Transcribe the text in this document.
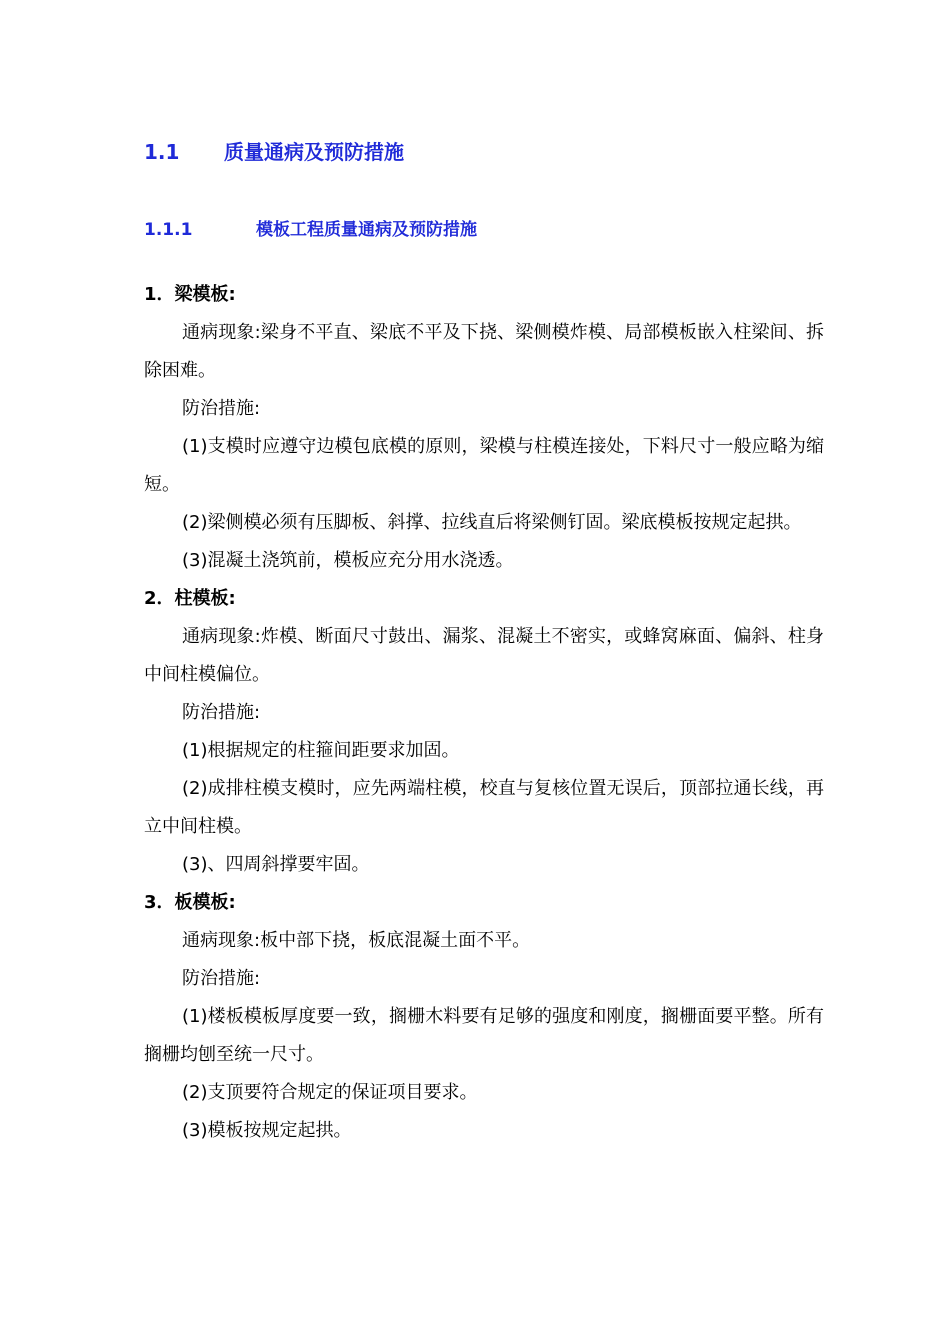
1.1 质量通病及预防措施
1.1.1	模板工程质量通病及预防措施

1．梁模板:

通病现象:梁身不平直、梁底不平及下挠、梁侧模炸模、局部模板嵌入柱梁间、拆除困难。

防治措施:

(1)支模时应遵守边模包底模的原则，梁模与柱模连接处，下料尺寸一般应略为缩短。

(2)梁侧模必须有压脚板、斜撑、拉线直后将梁侧钉固。梁底模板按规定起拱。

(3)混凝土浇筑前，模板应充分用水浇透。

2．柱模板:

通病现象:炸模、断面尺寸鼓出、漏浆、混凝土不密实，或蜂窝麻面、偏斜、柱身中间柱模偏位。

防治措施:

(1)根据规定的柱箍间距要求加固。

(2)成排柱模支模时，应先两端柱模，校直与复核位置无误后，顶部拉通长线，再立中间柱模。

(3)、四周斜撑要牢固。

3．板模板:

通病现象:板中部下挠，板底混凝土面不平。

防治措施:

(1)楼板模板厚度要一致，搁栅木料要有足够的强度和刚度，搁栅面要平整。所有搁栅均刨至统一尺寸。

(2)支顶要符合规定的保证项目要求。

(3)模板按规定起拱。
